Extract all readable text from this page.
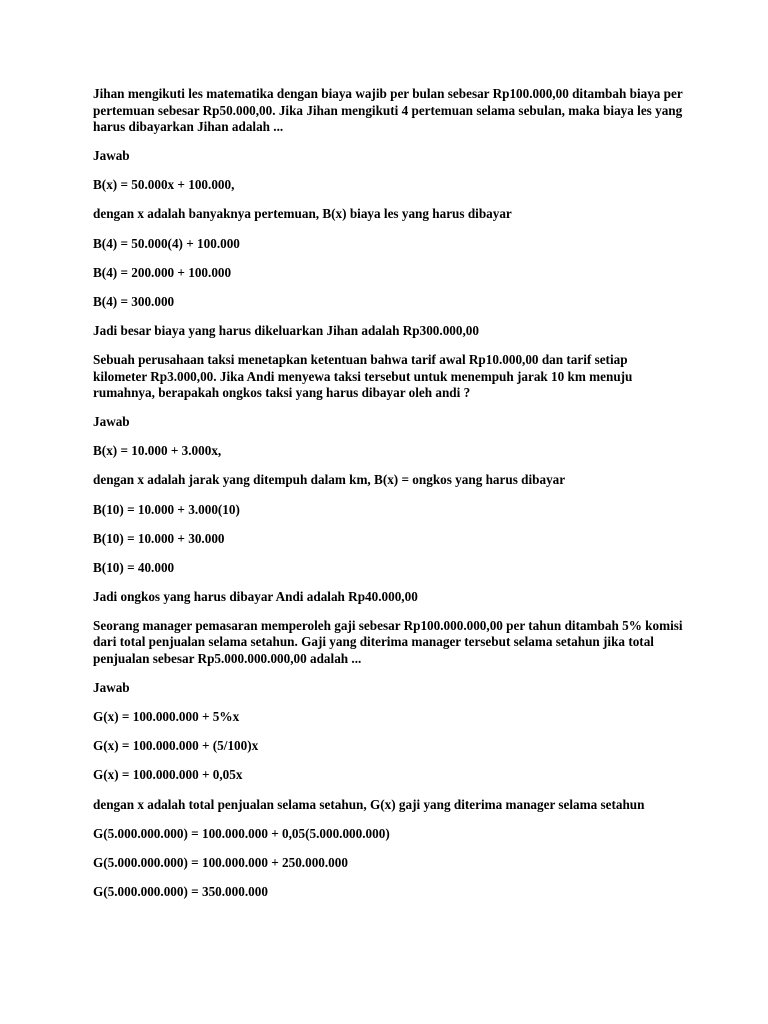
Jihan mengikuti les matematika dengan biaya wajib per bulan sebesar Rp100.000,00 ditambah biaya per pertemuan sebesar Rp50.000,00. Jika Jihan mengikuti 4 pertemuan selama sebulan, maka biaya les yang harus dibayarkan Jihan adalah ...

Jawab

B(x) = 50.000x + 100.000,

dengan x adalah banyaknya pertemuan, B(x) biaya les yang harus dibayar

B(4) = 50.000(4) + 100.000

B(4) = 200.000 + 100.000

B(4) = 300.000

Jadi besar biaya yang harus dikeluarkan Jihan adalah Rp300.000,00

Sebuah perusahaan taksi menetapkan ketentuan bahwa tarif awal Rp10.000,00 dan tarif setiap kilometer Rp3.000,00. Jika Andi menyewa taksi tersebut untuk menempuh jarak 10 km menuju rumahnya, berapakah ongkos taksi yang harus dibayar oleh andi ?

Jawab

B(x) = 10.000 + 3.000x,

dengan x adalah jarak yang ditempuh dalam km, B(x) = ongkos yang harus dibayar

B(10) = 10.000 + 3.000(10)

B(10) = 10.000 + 30.000

B(10) = 40.000

Jadi ongkos yang harus dibayar Andi adalah Rp40.000,00

Seorang manager pemasaran memperoleh gaji sebesar Rp100.000.000,00 per tahun ditambah 5% komisi dari total penjualan selama setahun. Gaji yang diterima manager tersebut selama setahun jika total penjualan sebesar Rp5.000.000.000,00 adalah ...

Jawab

G(x) = 100.000.000 + 5%x

G(x) = 100.000.000 + (5/100)x

G(x) = 100.000.000 + 0,05x

dengan x adalah total penjualan selama setahun, G(x) gaji yang diterima manager selama setahun

G(5.000.000.000) = 100.000.000 + 0,05(5.000.000.000)

G(5.000.000.000) = 100.000.000 + 250.000.000

G(5.000.000.000) = 350.000.000
